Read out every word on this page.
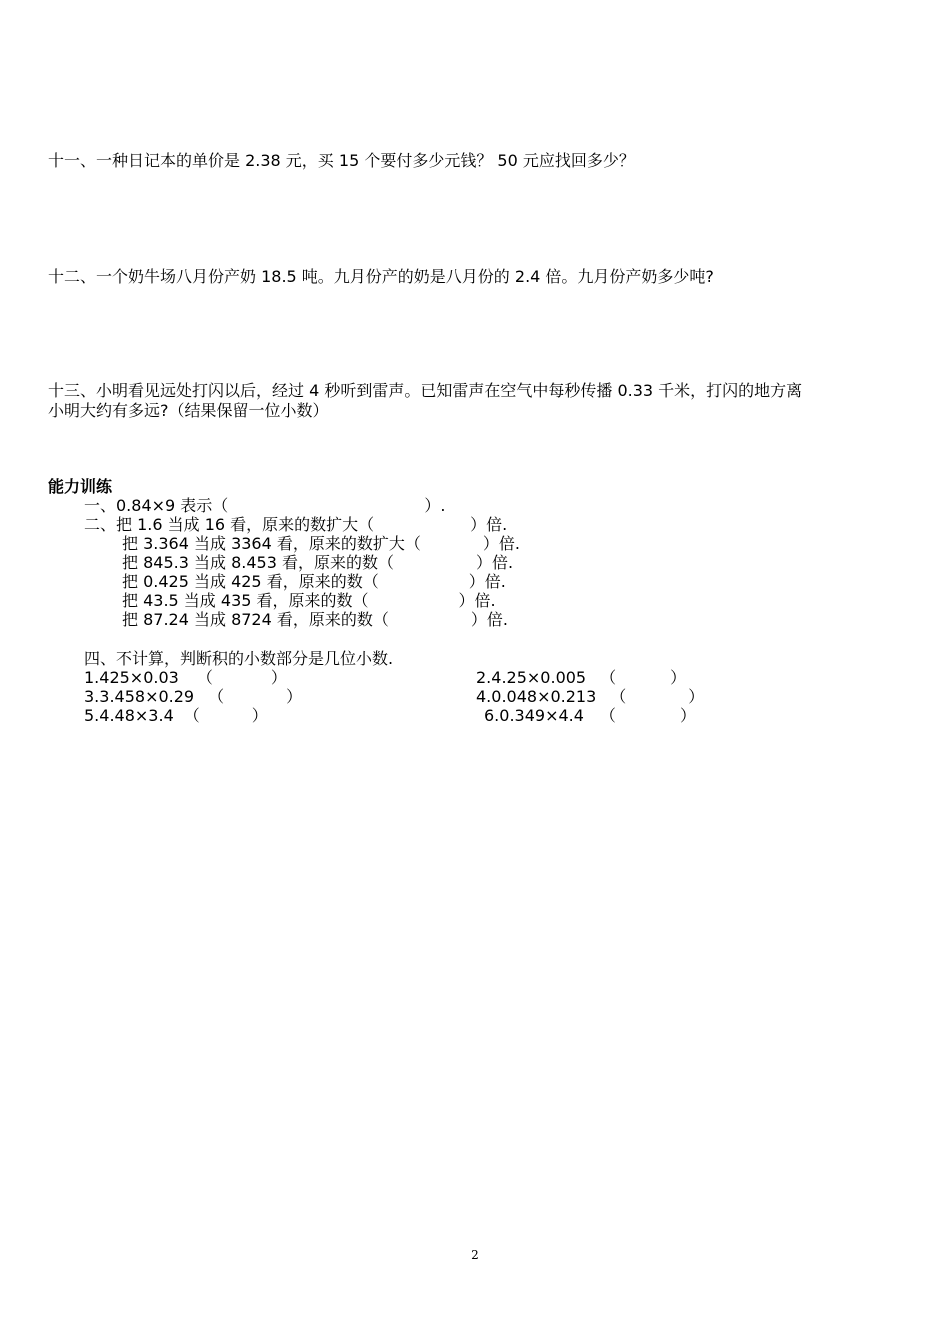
十一、一种日记本的单价是 2.38 元，买 15 个要付多少元钱？ 50 元应找回多少？
十二、一个奶牛场八月份产奶 18.5 吨。九月份产的奶是八月份的 2.4 倍。九月份产奶多少吨?
十三、小明看见远处打闪以后，经过 4 秒听到雷声。已知雷声在空气中每秒传播 0.33 千米，打闪的地方离
小明大约有多远?（结果保留一位小数）
能力训练
一、0.84×9 表示（	）.
二、把 1.6 当成 16 看，原来的数扩大（	）倍.
把 3.364 当成 3364 看，原来的数扩大（	）倍.
把 845.3 当成 8.453 看，原来的数（	）倍.
把 0.425 当成 425 看，原来的数（	）倍.
把 43.5 当成 435 看，原来的数（	）倍.
把 87.24 当成 8724 看，原来的数（	）倍.
四、不计算，判断积的小数部分是几位小数.
1.425×0.03 （	）	2.4.25×0.005 （	）
3.3.458×0.29 （	）	4.0.048×0.213 （	）
5.4.48×3.4 （	）	6.0.349×4.4 （	）
2
